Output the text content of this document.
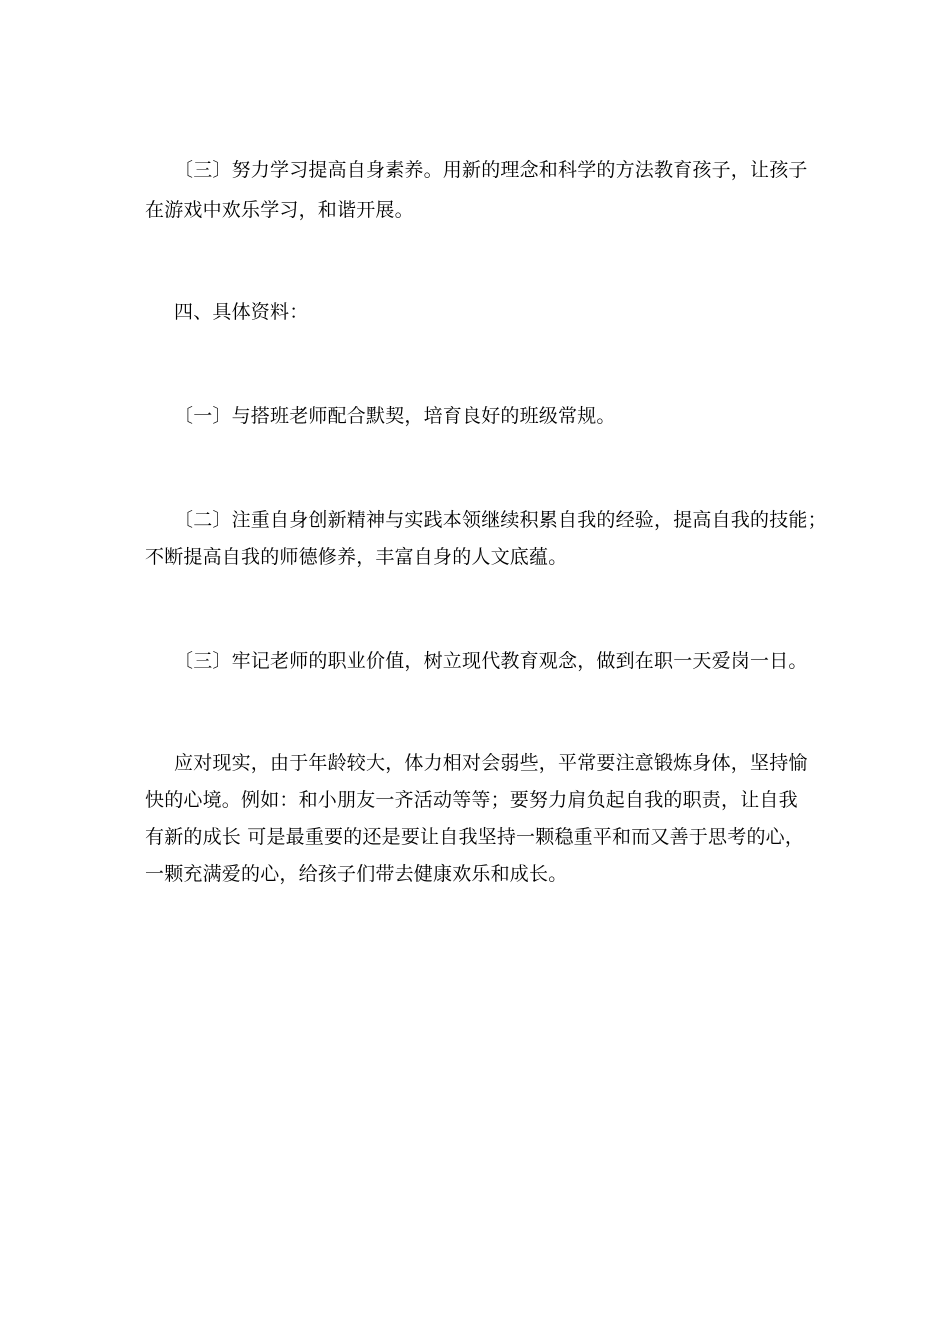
〔三〕努力学习提高自身素养。用新的理念和科学的方法教育孩子，让孩子
在游戏中欢乐学习，和谐开展。
四、具体资料：
〔一〕与搭班老师配合默契，培育良好的班级常规。
〔二〕注重自身创新精神与实践本领继续积累自我的经验，提高自我的技能；
不断提高自我的师德修养，丰富自身的人文底蕴。
〔三〕牢记老师的职业价值，树立现代教育观念，做到在职一天爱岗一日。
应对现实，由于年龄较大，体力相对会弱些，平常要注意锻炼身体，坚持愉
快的心境。例如：和小朋友一齐活动等等；要努力肩负起自我的职责，让自我
有新的成长 可是最重要的还是要让自我坚持一颗稳重平和而又善于思考的心，
一颗充满爱的心，给孩子们带去健康欢乐和成长。
